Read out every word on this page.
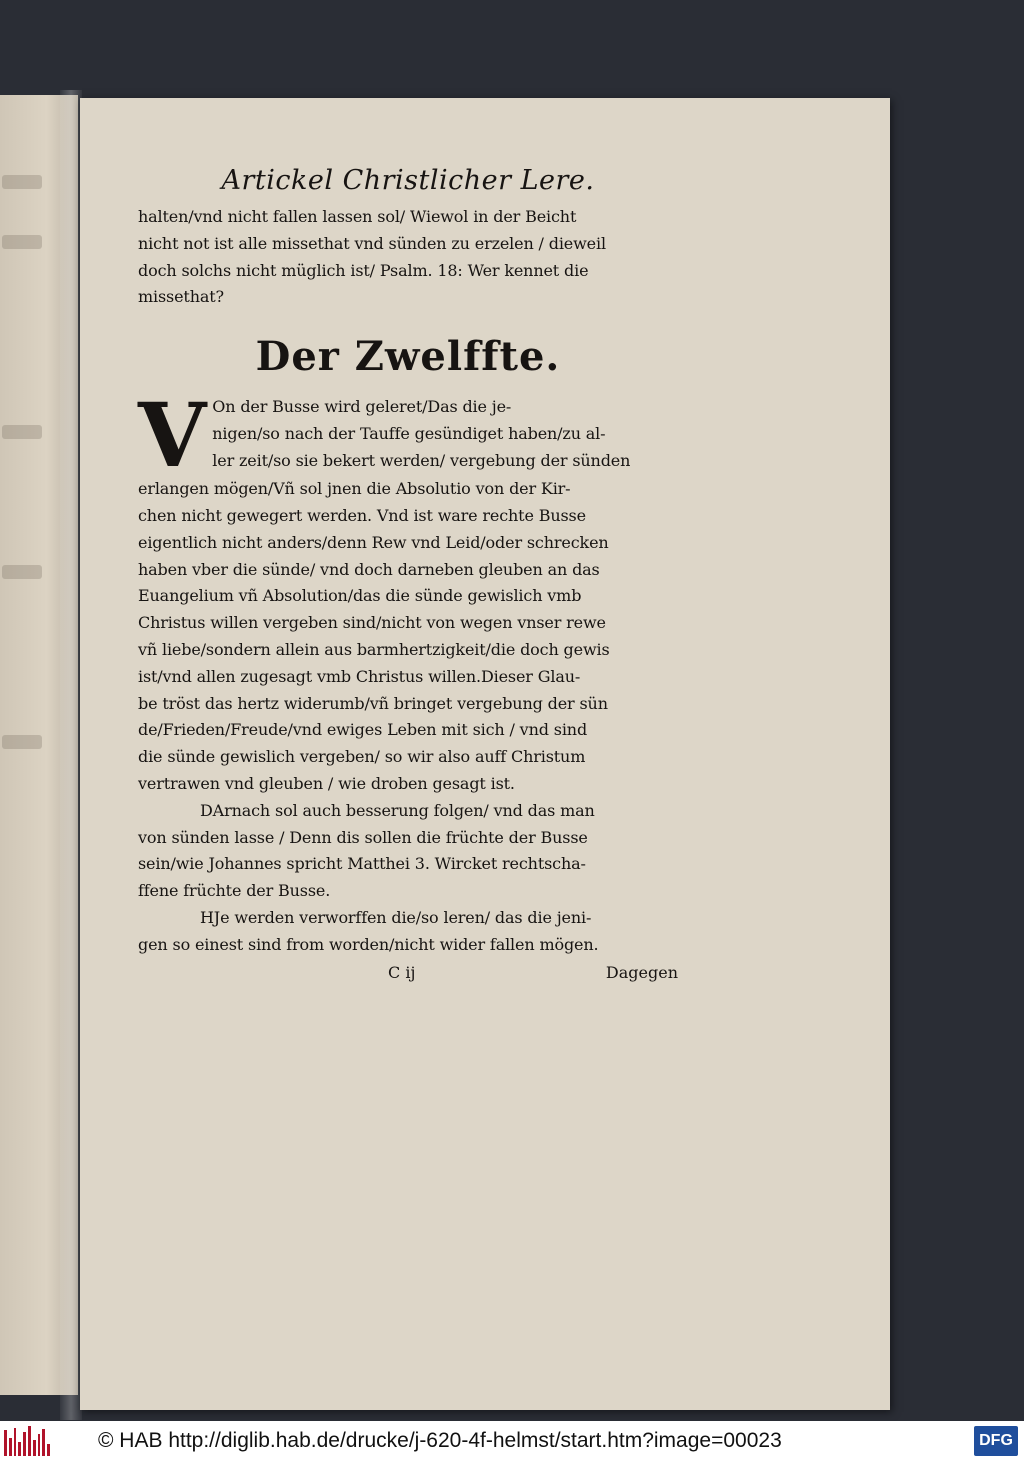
Artickel Christlicher Lere.

halten/vnd nicht fallen lassen sol/ Wiewol in der Beicht

nicht not ist alle missethat vnd sünden zu erzelen / dieweil

doch solchs nicht müglich ist/ Psalm. 18: Wer kennet die

missethat?

Der Zwelffte.
V On der Busse wird geleret/Das die je-

nigen/so nach der Tauffe gesündiget haben/zu al-

ler zeit/so sie bekert werden/ vergebung der sünden

erlangen mögen/Vñ sol jnen die Absolutio von der Kir-

chen nicht gewegert werden. Vnd ist ware rechte Busse

eigentlich nicht anders/denn Rew vnd Leid/oder schrecken

haben vber die sünde/ vnd doch darneben gleuben an das

Euangelium vñ Absolution/das die sünde gewislich vmb

Christus willen vergeben sind/nicht von wegen vnser rewe

vñ liebe/sondern allein aus barmhertzigkeit/die doch gewis

ist/vnd allen zugesagt vmb Christus willen.Dieser Glau-

be tröst das hertz widerumb/vñ bringet vergebung der sün

de/Frieden/Freude/vnd ewiges Leben mit sich / vnd sind

die sünde gewislich vergeben/ so wir also auff Christum

vertrawen vnd gleuben / wie droben gesagt ist.

DArnach sol auch besserung folgen/ vnd das man

von sünden lasse / Denn dis sollen die früchte der Busse

sein/wie Johannes spricht Matthei 3. Wircket rechtscha-

ffene früchte der Busse.

HJe werden verworffen die/so leren/ das die jeni-

gen so einest sind from worden/nicht wider fallen mögen.

C ij	Dagegen
© HAB http://diglib.hab.de/drucke/j-620-4f-helmst/start.htm?image=00023	DFG
